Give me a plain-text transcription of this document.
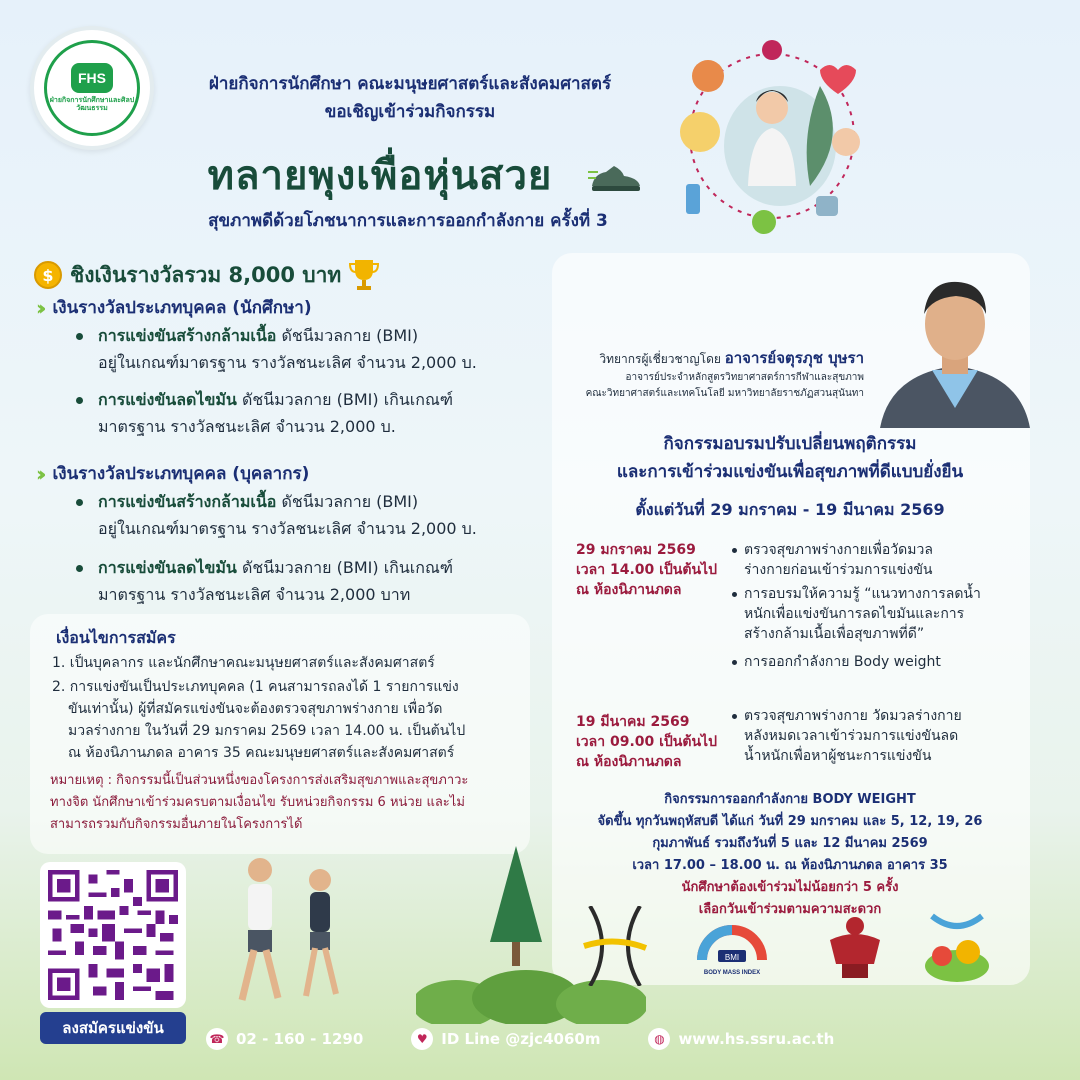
FHS
ฝ่ายกิจการนักศึกษาและศิลปวัฒนธรรม
ฝ่ายกิจการนักศึกษา คณะมนุษยศาสตร์และสังคมศาสตร์
ขอเชิญเข้าร่วมกิจกรรม
ทลายพุงเพื่อหุ่นสวย
สุขภาพดีด้วยโภชนาการและการออกกำลังกาย ครั้งที่ 3
$ ชิงเงินรางวัลรวม 8,000 บาท
›› เงินรางวัลประเภทบุคคล (นักศึกษา)
การแข่งขันสร้างกล้ามเนื้อ ดัชนีมวลกาย (BMI)
อยู่ในเกณฑ์มาตรฐาน รางวัลชนะเลิศ จำนวน 2,000 บ.
การแข่งขันลดไขมัน ดัชนีมวลกาย (BMI) เกินเกณฑ์
มาตรฐาน รางวัลชนะเลิศ จำนวน 2,000 บ.
›› เงินรางวัลประเภทบุคคล (บุคลากร)
การแข่งขันสร้างกล้ามเนื้อ ดัชนีมวลกาย (BMI)
อยู่ในเกณฑ์มาตรฐาน รางวัลชนะเลิศ จำนวน 2,000 บ.
การแข่งขันลดไขมัน ดัชนีมวลกาย (BMI) เกินเกณฑ์
มาตรฐาน รางวัลชนะเลิศ จำนวน 2,000 บาท
เงื่อนไขการสมัคร
1. เป็นบุคลากร และนักศึกษาคณะมนุษยศาสตร์และสังคมศาสตร์
2. การแข่งขันเป็นประเภทบุคคล (1 คนสามารถลงได้ 1 รายการแข่ง
ขันเท่านั้น) ผู้ที่สมัครแข่งขันจะต้องตรวจสุขภาพร่างกาย เพื่อวัด
มวลร่างกาย ในวันที่ 29 มกราคม 2569 เวลา 14.00 น. เป็นต้นไป
ณ ห้องนิภานภดล อาคาร 35 คณะมนุษยศาสตร์และสังคมศาสตร์
หมายเหตุ : กิจกรรมนี้เป็นส่วนหนึ่งของโครงการส่งเสริมสุขภาพและสุขภาวะ
ทางจิต นักศึกษาเข้าร่วมครบตามเงื่อนไข รับหน่วยกิจกรรม 6 หน่วย และไม่
สามารถรวมกับกิจกรรมอื่นภายในโครงการได้
วิทยากรผู้เชี่ยวชาญโดย อาจารย์จตุรภุช บุษรา
อาจารย์ประจำหลักสูตรวิทยาศาสตร์การกีฬาและสุขภาพ
คณะวิทยาศาสตร์และเทคโนโลยี มหาวิทยาลัยราชภัฏสวนสุนันทา
กิจกรรมอบรมปรับเปลี่ยนพฤติกรรม
และการเข้าร่วมแข่งขันเพื่อสุขภาพที่ดีแบบยั่งยืน
ตั้งแต่วันที่ 29 มกราคม - 19 มีนาคม 2569
29 มกราคม 2569
เวลา 14.00 เป็นต้นไป
ณ ห้องนิภานภดล
ตรวจสุขภาพร่างกายเพื่อวัดมวล
ร่างกายก่อนเข้าร่วมการแข่งขัน
การอบรมให้ความรู้ “แนวทางการลดน้ำ
หนักเพื่อแข่งขันการลดไขมันและการ
สร้างกล้ามเนื้อเพื่อสุขภาพที่ดี”
การออกกำลังกาย Body weight
19 มีนาคม 2569
เวลา 09.00 เป็นต้นไป
ณ ห้องนิภานภดล
ตรวจสุขภาพร่างกาย วัดมวลร่างกาย
หลังหมดเวลาเข้าร่วมการแข่งขันลด
น้ำหนักเพื่อหาผู้ชนะการแข่งขัน
กิจกรรมการออกกำลังกาย BODY WEIGHT
จัดขึ้น ทุกวันพฤหัสบดี ได้แก่ วันที่ 29 มกราคม และ 5, 12, 19, 26
กุมภาพันธ์ รวมถึงวันที่ 5 และ 12 มีนาคม 2569
เวลา 17.00 – 18.00 น. ณ ห้องนิภานภดล อาคาร 35
นักศึกษาต้องเข้าร่วมไม่น้อยกว่า 5 ครั้ง
เลือกวันเข้าร่วมตามความสะดวก
BMI
BODY MASS INDEX
ลงสมัครแข่งขัน
☎ 02 - 160 - 1290	♥ ID Line @zjc4060m	◍ www.hs.ssru.ac.th
